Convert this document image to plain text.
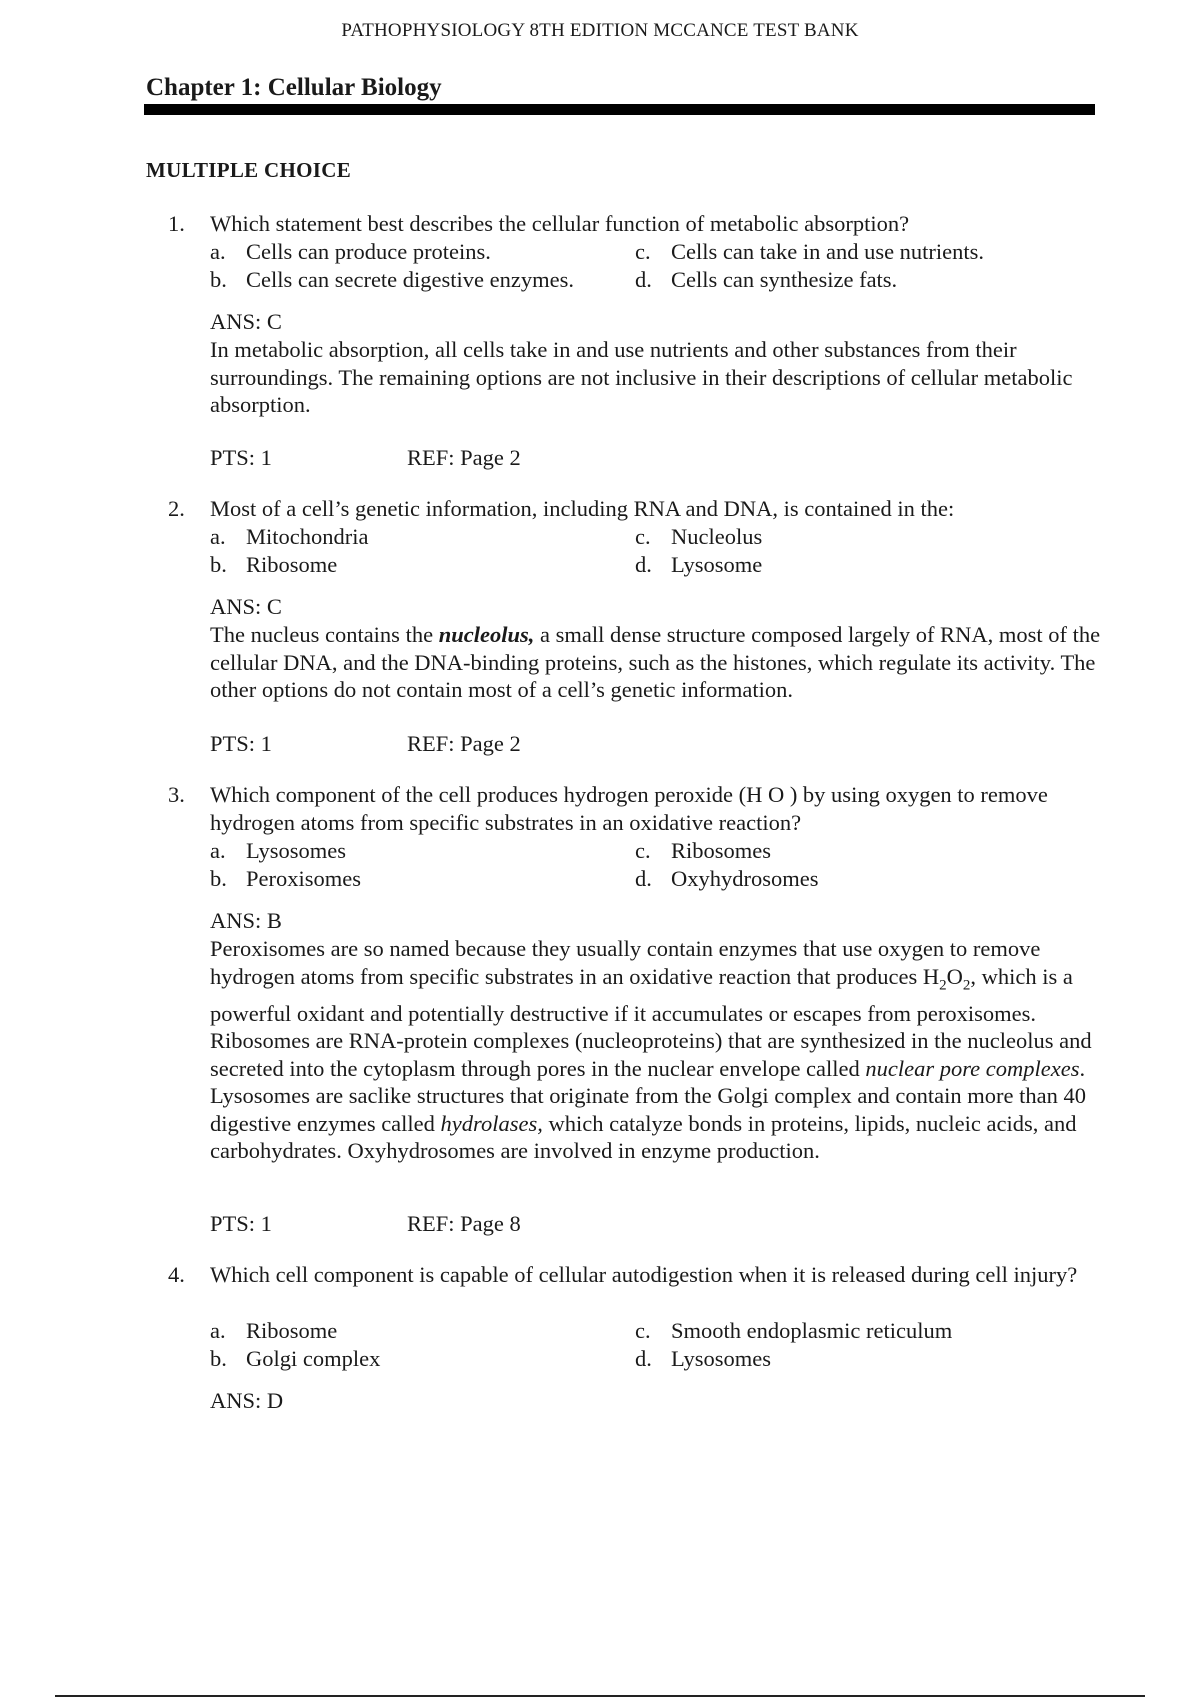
PATHOPHYSIOLOGY 8TH EDITION MCCANCE TEST BANK
Chapter 1: Cellular Biology
MULTIPLE CHOICE
1. Which statement best describes the cellular function of metabolic absorption?
a. Cells can produce proteins.	c. Cells can take in and use nutrients.
b. Cells can secrete digestive enzymes.	d. Cells can synthesize fats.
ANS: C
In metabolic absorption, all cells take in and use nutrients and other substances from their surroundings. The remaining options are not inclusive in their descriptions of cellular metabolic absorption.
PTS: 1	REF: Page 2
2. Most of a cell’s genetic information, including RNA and DNA, is contained in the:
a. Mitochondria	c. Nucleolus
b. Ribosome	d. Lysosome
ANS: C
The nucleus contains the nucleolus, a small dense structure composed largely of RNA, most of the cellular DNA, and the DNA-binding proteins, such as the histones, which regulate its activity. The other options do not contain most of a cell’s genetic information.
PTS: 1	REF: Page 2
3. Which component of the cell produces hydrogen peroxide (H O ) by using oxygen to remove hydrogen atoms from specific substrates in an oxidative reaction?
a. Lysosomes	c. Ribosomes
b. Peroxisomes	d. Oxyhydrosomes
ANS: B
Peroxisomes are so named because they usually contain enzymes that use oxygen to remove hydrogen atoms from specific substrates in an oxidative reaction that produces $H_2O_2$, which is a powerful oxidant and potentially destructive if it accumulates or escapes from peroxisomes. Ribosomes are RNA-protein complexes (nucleoproteins) that are synthesized in the nucleolus and secreted into the cytoplasm through pores in the nuclear envelope called nuclear pore complexes. Lysosomes are saclike structures that originate from the Golgi complex and contain more than 40 digestive enzymes called hydrolases, which catalyze bonds in proteins, lipids, nucleic acids, and carbohydrates. Oxyhydrosomes are involved in enzyme production.
PTS: 1	REF: Page 8
4. Which cell component is capable of cellular autodigestion when it is released during cell injury?
a. Ribosome	c. Smooth endoplasmic reticulum
b. Golgi complex	d. Lysosomes
ANS: D
